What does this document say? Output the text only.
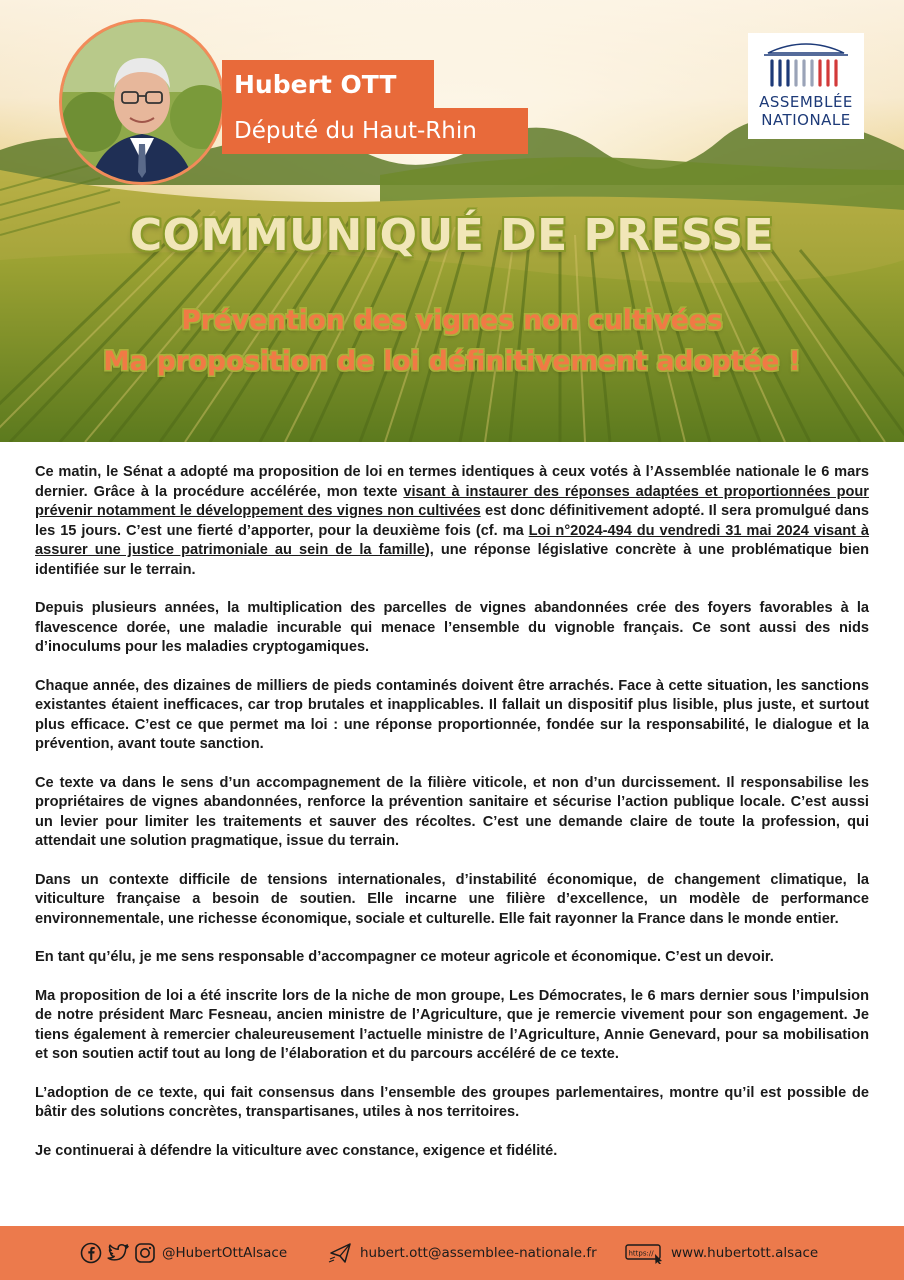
Hubert OTT
Député du Haut-Rhin
ASSEMBLÉE
NATIONALE
COMMUNIQUÉ DE PRESSE
Prévention des vignes non cultivées
Ma proposition de loi définitivement adoptée !

Ce matin, le Sénat a adopté ma proposition de loi en termes identiques à ceux votés à l’Assemblée nationale le 6 mars dernier. Grâce à la procédure accélérée, mon texte visant à instaurer des réponses adaptées et proportionnées pour prévenir notamment le développement des vignes non cultivées est donc définitivement adopté. Il sera promulgué dans les 15 jours. C’est une fierté d’apporter, pour la deuxième fois (cf. ma Loi n°2024-494 du vendredi 31 mai 2024 visant à assurer une justice patrimoniale au sein de la famille), une réponse législative concrète à une problématique bien identifiée sur le terrain.

Depuis plusieurs années, la multiplication des parcelles de vignes abandonnées crée des foyers favorables à la flavescence dorée, une maladie incurable qui menace l’ensemble du vignoble français. Ce sont aussi des nids d’inoculums pour les maladies cryptogamiques.

Chaque année, des dizaines de milliers de pieds contaminés doivent être arrachés. Face à cette situation, les sanctions existantes étaient inefficaces, car trop brutales et inapplicables. Il fallait un dispositif plus lisible, plus juste, et surtout plus efficace. C’est ce que permet ma loi : une réponse proportionnée, fondée sur la responsabilité, le dialogue et la prévention, avant toute sanction.

Ce texte va dans le sens d’un accompagnement de la filière viticole, et non d’un durcissement. Il responsabilise les propriétaires de vignes abandonnées, renforce la prévention sanitaire et sécurise l’action publique locale. C’est aussi un levier pour limiter les traitements et sauver des récoltes. C’est une demande claire de toute la profession, qui attendait une solution pragmatique, issue du terrain.

Dans un contexte difficile de tensions internationales, d’instabilité économique, de changement climatique, la viticulture française a besoin de soutien. Elle incarne une filière d’excellence, un modèle de performance environnementale, une richesse économique, sociale et culturelle. Elle fait rayonner la France dans le monde entier.

En tant qu’élu, je me sens responsable d’accompagner ce moteur agricole et économique. C’est un devoir.

Ma proposition de loi a été inscrite lors de la niche de mon groupe, Les Démocrates, le 6 mars dernier sous l’impulsion de notre président Marc Fesneau, ancien ministre de l’Agriculture, que je remercie vivement pour son engagement. Je tiens également à remercier chaleureusement l’actuelle ministre de l’Agriculture, Annie Genevard, pour sa mobilisation et son soutien actif tout au long de l’élaboration et du parcours accéléré de ce texte.

L’adoption de ce texte, qui fait consensus dans l’ensemble des groupes parlementaires, montre qu’il est possible de bâtir des solutions concrètes, transpartisanes, utiles à nos territoires.

Je continuerai à défendre la viticulture avec constance, exigence et fidélité.

@HubertOttAlsace	hubert.ott@assemblee-nationale.fr	https:// www.hubertott.alsace
